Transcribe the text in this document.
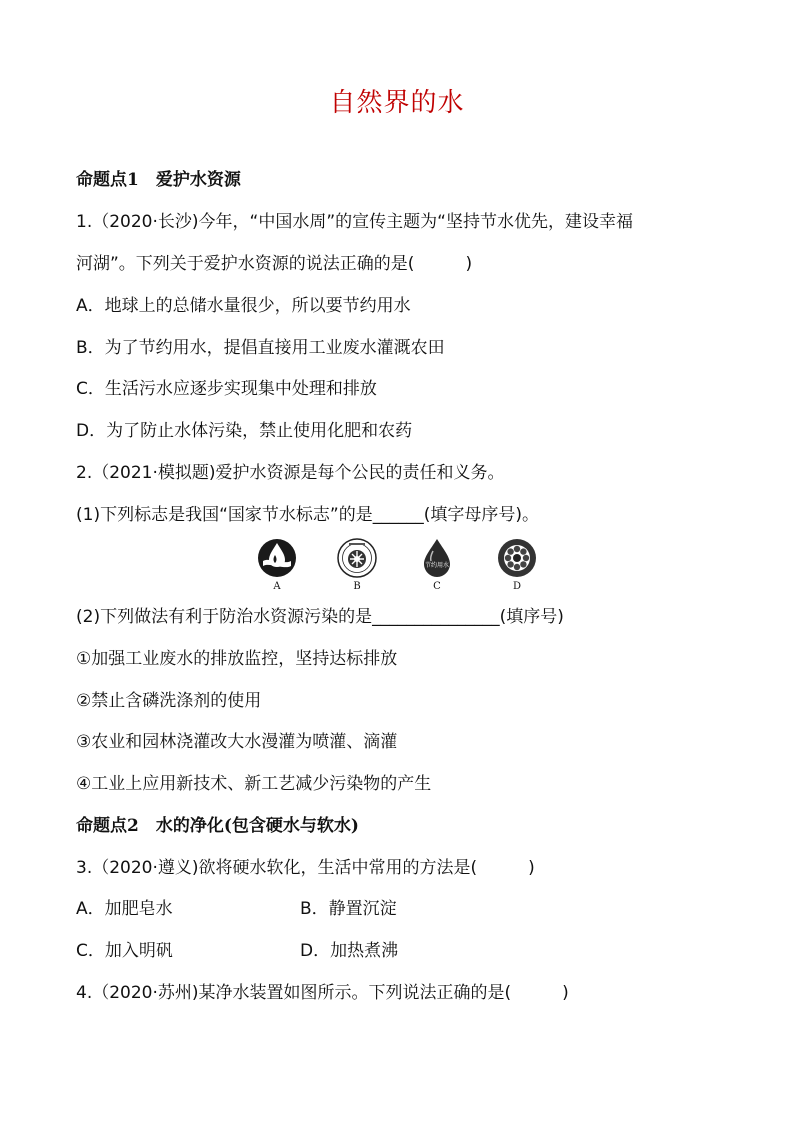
自然界的水
命题点1　爱护水资源
1.（2020·长沙)今年，“中国水周”的宣传主题为“坚持节水优先，建设幸福
河湖”。下列关于爱护水资源的说法正确的是(　　　)
A．地球上的总储水量很少，所以要节约用水
B．为了节约用水，提倡直接用工业废水灌溉农田
C．生活污水应逐步实现集中处理和排放
D．为了防止水体污染，禁止使用化肥和农药
2.（2021·模拟题)爱护水资源是每个公民的责任和义务。
(1)下列标志是我国“国家节水标志”的是______(填字母序号)。
A	B
节约用水
C	D
(2)下列做法有利于防治水资源污染的是_______________(填序号)
①加强工业废水的排放监控，坚持达标排放
②禁止含磷洗涤剂的使用
③农业和园林浇灌改大水漫灌为喷灌、滴灌
④工业上应用新技术、新工艺减少污染物的产生
命题点2　水的净化(包含硬水与软水)
3.（2020·遵义)欲将硬水软化，生活中常用的方法是(　　　)
A．加肥皂水	B．静置沉淀
C．加入明矾	D．加热煮沸
4.（2020·苏州)某净水装置如图所示。下列说法正确的是(　　　)
